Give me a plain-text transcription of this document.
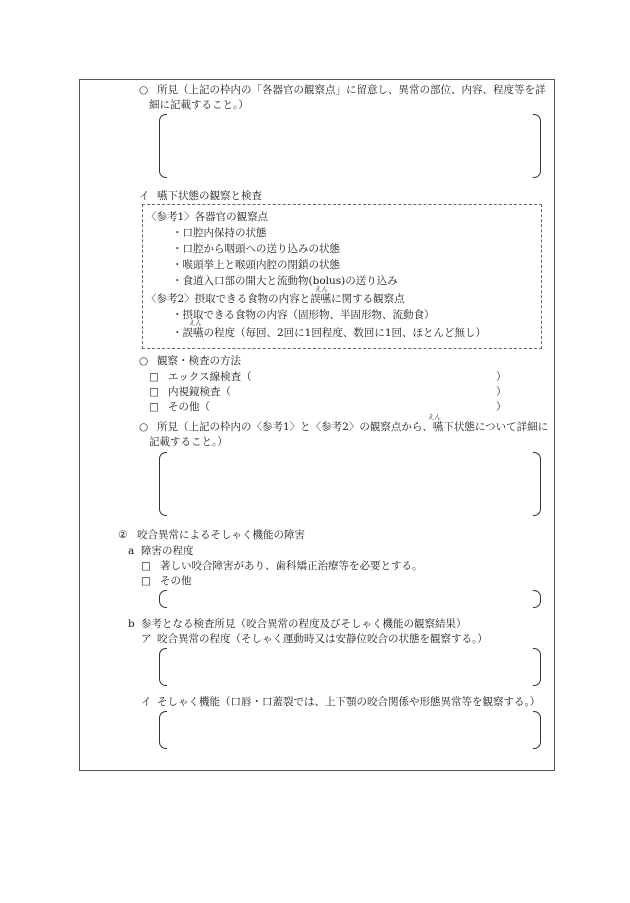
○ 所見（上記の枠内の「各器官の観察点」に留意し、異常の部位、内容、程度等を詳
細に記載すること。）
イ 嚥下状態の観察と検査
〈参考1〉各器官の観察点
・口腔内保持の状態
・口腔から咽頭への送り込みの状態
・喉頭挙上と喉頭内腔の閉鎖の状態
・食道入口部の開大と流動物(bolus)の送り込み
えん
〈参考2〉摂取できる食物の内容と誤嚥に関する観察点
・摂取できる食物の内容（固形物、半固形物、流動食）
えん
・誤嚥の程度（毎回、2回に1回程度、数回に1回、ほとんど無し）
○ 観察・検査の方法
□ エックス線検査（	）
□ 内視鏡検査（	）
□ その他（	）
えん
○ 所見（上記の枠内の〈参考1〉と〈参考2〉の観察点から、嚥下状態について詳細に
記載すること。）
② 咬合異常によるそしゃく機能の障害
a 障害の程度
□ 著しい咬合障害があり、歯科矯正治療等を必要とする。
□ その他
b 参考となる検査所見（咬合異常の程度及びそしゃく機能の観察結果）
ア 咬合異常の程度（そしゃく運動時又は安静位咬合の状態を観察する。）
イ そしゃく機能（口唇・口蓋裂では、上下顎の咬合関係や形態異常等を観察する。）
